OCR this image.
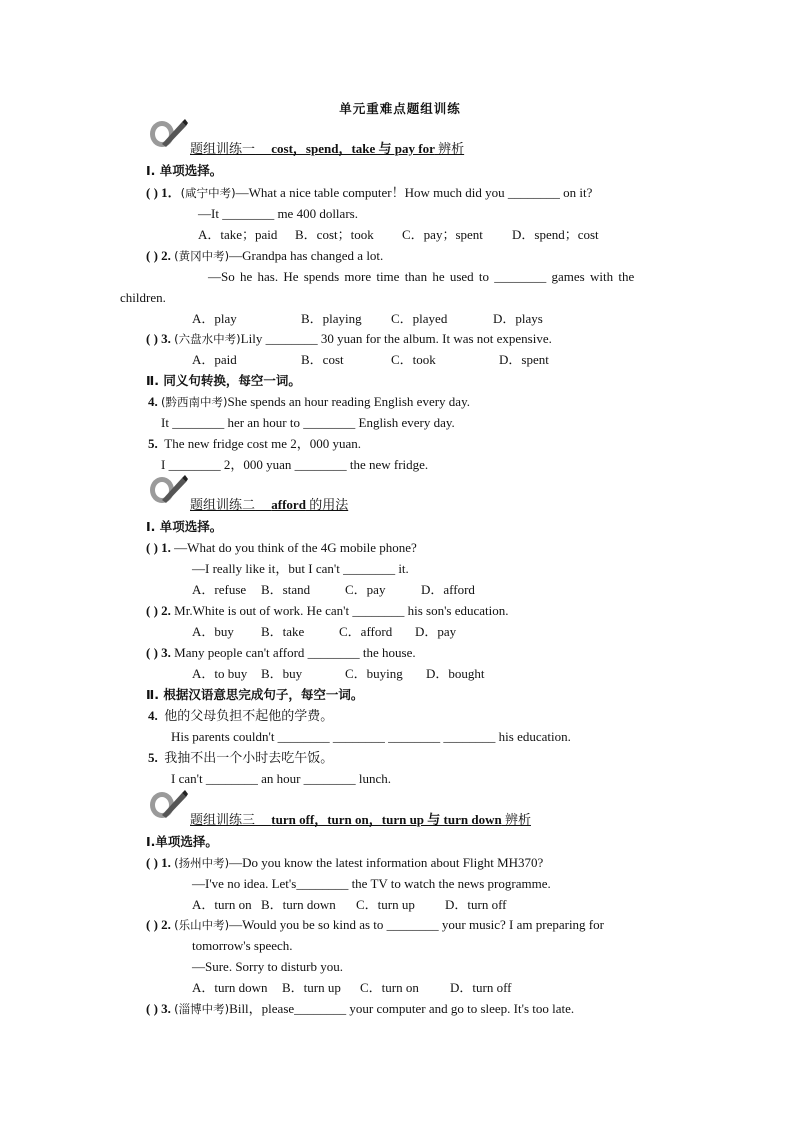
单元重难点题组训练
题组训练一 cost，spend，take 与 pay for 辨析
Ⅰ. 单项选择。
( ) 1．(咸宁中考)—What a nice table computer！How much did you ________ on it?
—It ________ me 400 dollars.
A．take；paid B．cost；took C．pay；spent D．spend；cost
( ) 2. (黄冈中考)—Grandpa has changed a lot.
—So he has. He spends more time than he used to ________ games with the
children.
A．play	B．playing C．played	D．plays
( ) 3. (六盘水中考)Lily ________ 30 yuan for the album. It was not expensive.
A．paid	B．cost	C．took	D．spent
Ⅱ. 同义句转换，每空一词。
4. (黔西南中考)She spends an hour reading English every day.
It ________ her an hour to ________ English every day.
5. The new fridge cost me 2，000 yuan.
I ________ 2，000 yuan ________ the new fridge.
题组训练二 afford 的用法
Ⅰ. 单项选择。
( ) 1. —What do you think of the 4G mobile phone?
—I really like it，but I can't ________ it.
A．refuse B．stand	C．pay	D．afford
( ) 2. Mr.White is out of work. He can't ________ his son's education.
A．buy B．take	C．afford D．pay
( ) 3. Many people can't afford ________ the house.
A．to buy B．buy	C．buying D．bought
Ⅱ. 根据汉语意思完成句子，每空一词。
4. 他的父母负担不起他的学费。
His parents couldn't ________ ________ ________ ________ his education.
5. 我抽不出一个小时去吃午饭。
I can't ________ an hour ________ lunch.
题组训练三 turn off，turn on，turn up 与 turn down 辨析
Ⅰ.单项选择。
( ) 1. (扬州中考)—Do you know the latest information about Flight MH370?
—I've no idea. Let's________ the TV to watch the news programme.
A．turn on B．turn down C．turn up D．turn off
( ) 2. (乐山中考)—Would you be so kind as to ________ your music? I am preparing for
tomorrow's speech.
—Sure. Sorry to disturb you.
A．turn down B．turn up C．turn on D．turn off
( ) 3. (淄博中考)Bill，please________ your computer and go to sleep. It's too late.
